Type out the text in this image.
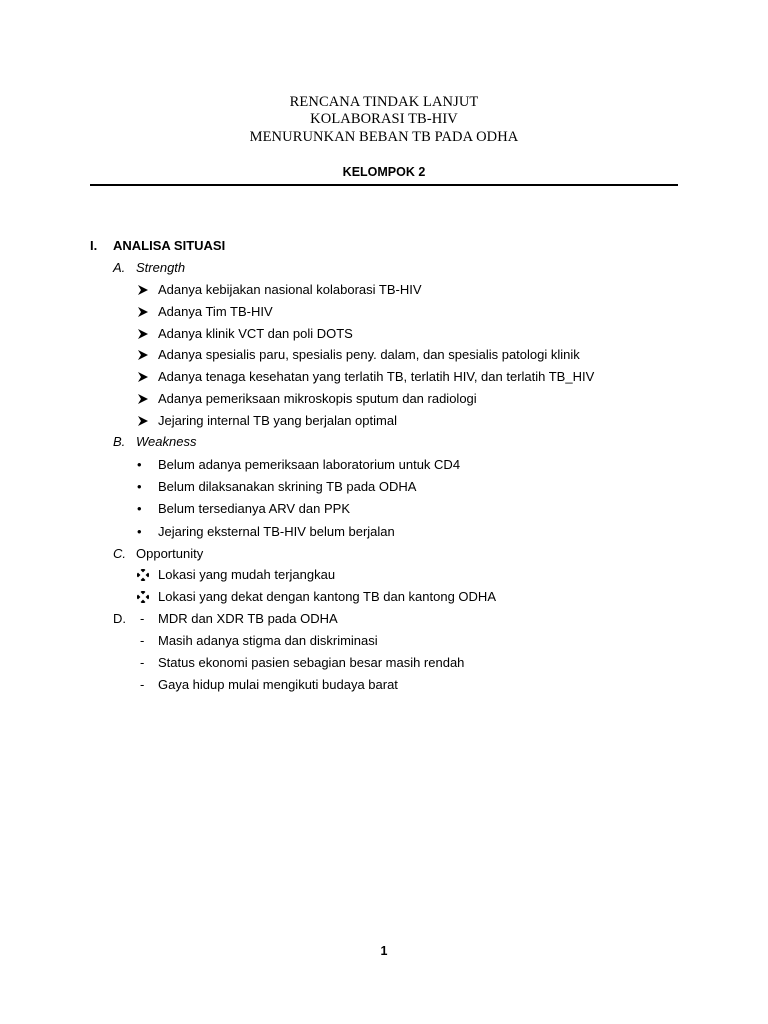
RENCANA TINDAK LANJUT
KOLABORASI TB-HIV
MENURUNKAN BEBAN TB PADA ODHA
KELOMPOK 2
I. ANALISA SITUASI
A. Strength
Adanya kebijakan nasional kolaborasi TB-HIV
Adanya Tim TB-HIV
Adanya klinik VCT dan poli DOTS
Adanya spesialis paru, spesialis peny. dalam, dan spesialis patologi klinik
Adanya tenaga kesehatan yang terlatih TB, terlatih HIV, dan terlatih TB_HIV
Adanya pemeriksaan mikroskopis sputum dan radiologi
Jejaring internal TB yang berjalan optimal
B. Weakness
• Belum adanya pemeriksaan laboratorium untuk CD4
• Belum dilaksanakan skrining TB pada ODHA
• Belum tersedianya ARV dan PPK
• Jejaring eksternal TB-HIV belum berjalan
C. Opportunity
Lokasi yang mudah terjangkau
Lokasi yang dekat dengan kantong TB dan kantong ODHA
D. - MDR dan XDR TB pada ODHA
- Masih adanya stigma dan diskriminasi
- Status ekonomi pasien sebagian besar masih rendah
- Gaya hidup mulai mengikuti budaya barat
1
